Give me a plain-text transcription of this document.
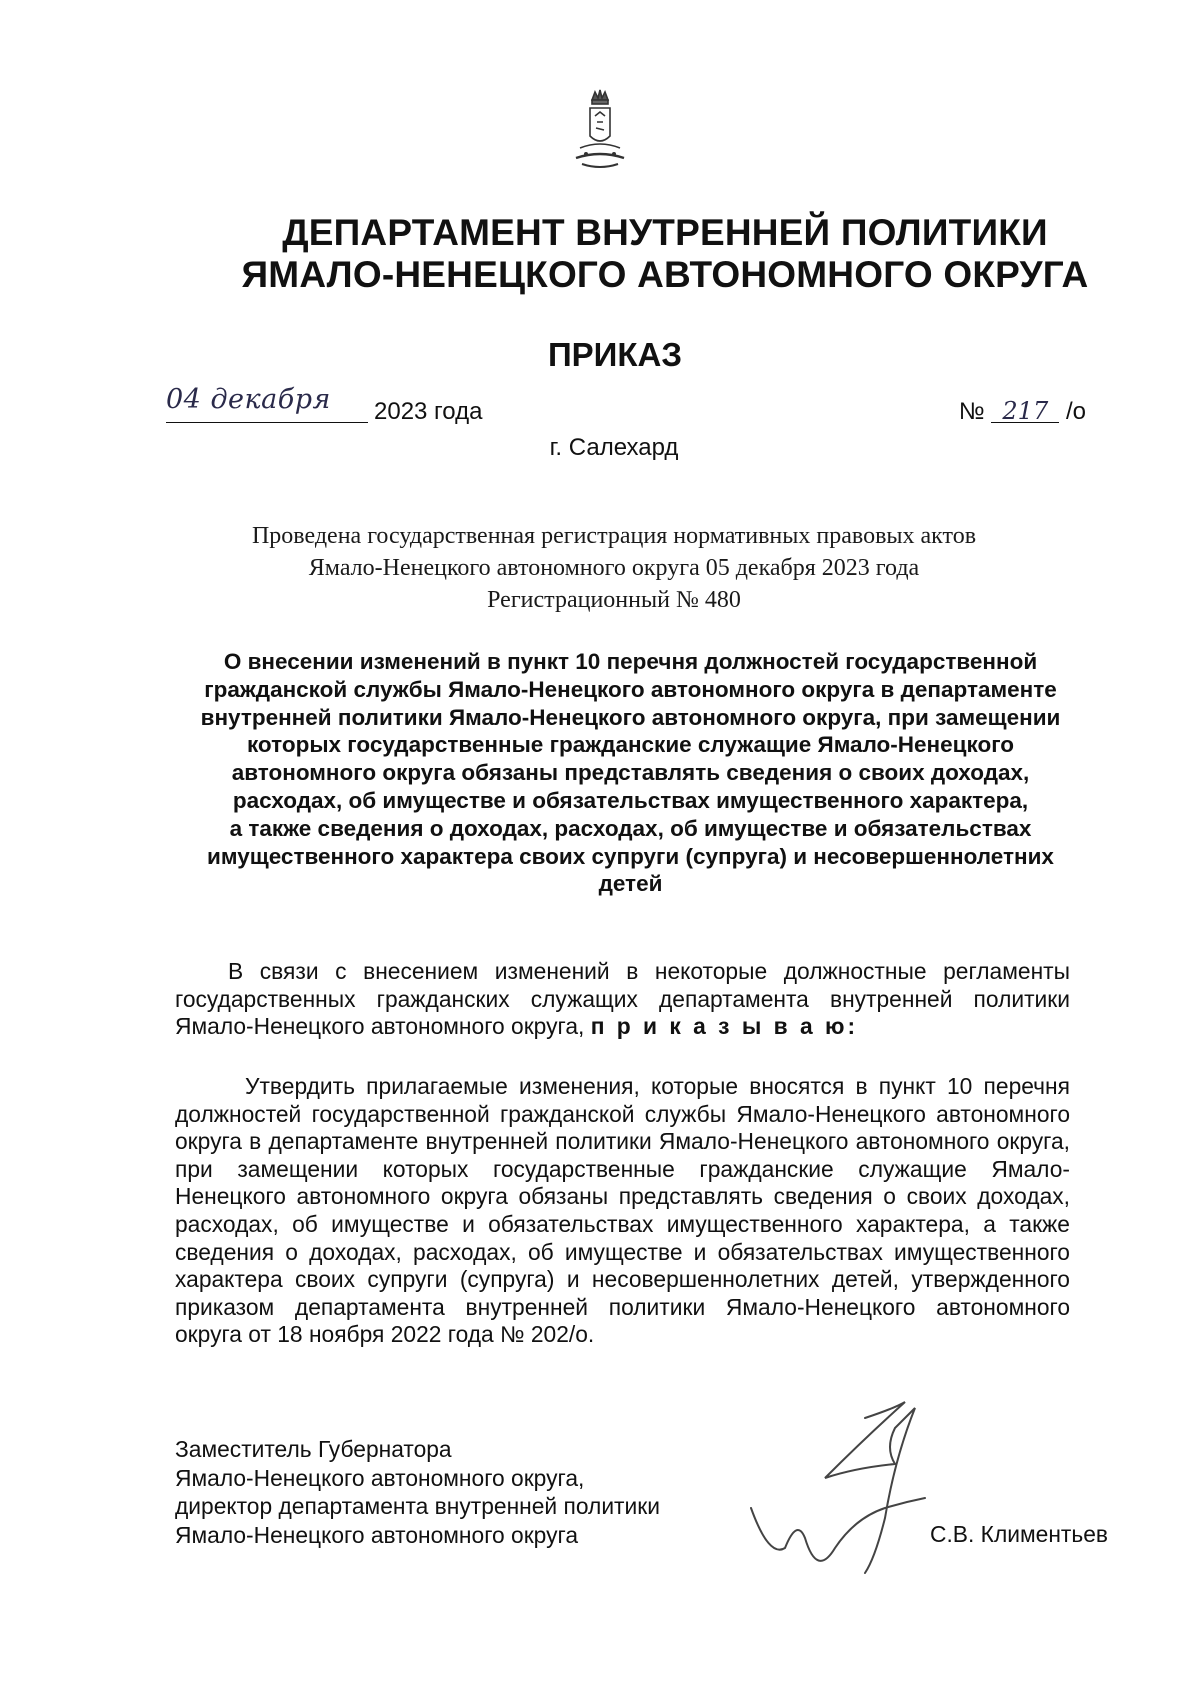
ДЕПАРТАМЕНТ ВНУТРЕННЕЙ ПОЛИТИКИ
ЯМАЛО-НЕНЕЦКОГО АВТОНОМНОГО ОКРУГА
ПРИКАЗ
04 декабря 2023 года	№ 217 /о
г. Салехард
Проведена государственная регистрация нормативных правовых актов
Ямало-Ненецкого автономного округа 05 декабря 2023 года
Регистрационный № 480
О внесении изменений в пункт 10 перечня должностей государственной
гражданской службы Ямало-Ненецкого автономного округа в департаменте
внутренней политики Ямало-Ненецкого автономного округа, при замещении
которых государственные гражданские служащие Ямало-Ненецкого
автономного округа обязаны представлять сведения о своих доходах,
расходах, об имуществе и обязательствах имущественного характера,
а также сведения о доходах, расходах, об имуществе и обязательствах
имущественного характера своих супруги (супруга) и несовершеннолетних
детей
В связи с внесением изменений в некоторые должностные регламенты государственных гражданских служащих департамента внутренней политики Ямало-Ненецкого автономного округа, п р и к а з ы в а ю:
Утвердить прилагаемые изменения, которые вносятся в пункт 10 перечня должностей государственной гражданской службы Ямало-Ненецкого автономного округа в департаменте внутренней политики Ямало-Ненецкого автономного округа, при замещении которых государственные гражданские служащие Ямало-Ненецкого автономного округа обязаны представлять сведения о своих доходах, расходах, об имуществе и обязательствах имущественного характера, а также сведения о доходах, расходах, об имуществе и обязательствах имущественного характера своих супруги (супруга) и несовершеннолетних детей, утвержденного приказом департамента внутренней политики Ямало-Ненецкого автономного округа от 18 ноября 2022 года № 202/о.
Заместитель Губернатора
Ямало-Ненецкого автономного округа,
директор департамента внутренней политики
Ямало-Ненецкого автономного округа	С.В. Климентьев
